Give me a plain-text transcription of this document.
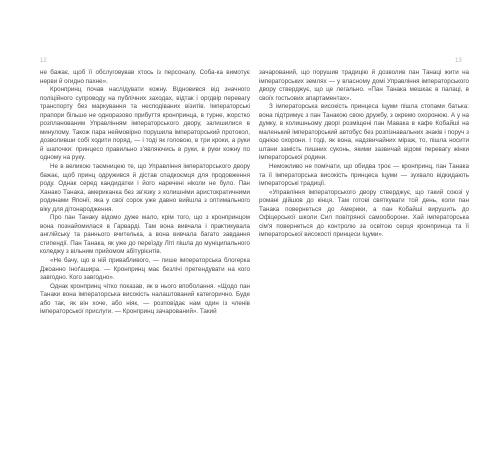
12	13

не бажає, щоб її обслуговував хтось із персоналу. Соба-ка вимотує нерви й огидно пахне».

Кронпринц почав наслідувати кожну. Відновився від значного поліційного супроводу на публічних заходах, відтак і оргдвір перевагу транспорту без маркування та несподіваних візитів. Імператорські прапори більше не одноразово прибуття кронпринца, в турне, жорстко розпланованим Управлінням імператорського двору, залишилися в минулому. Також пара неймовірно порушила імператорський протокол, дозволивши собі ходити поряд, — і тоді як головою, в три кроки, а руки й шапочки: принцесо правильно з'являючись в руки, в руки кожну по одному на руку.

Не в великою таємницею те, що Управління імператорського двору бажає, щоб принц одружився й дістав спадкоємця для продовження роду. Однак серед кандидатки і його наречені ніколи не було. Пан Ханако Танака, американка без зв'язку з колишніми аристократичними родинами Японії, яка у свої сорок уже давно вийшла з оптимального віку для дітонародження.

Про пан Танаку відомо дуже мало, крім того, що з кронпринцом вона познайомилася в Гарварді. Там вона вивчала і практикувала англійську та раннього вчителька, а вона вивчала багато завдання стипендії. Пан Танака, як уже до переїзду Літі пішла до муніципального коледжу з вільним прийомом абітурієнтів.

«Не бачу, що в ній привабливого, — пише імператорська блогерка Джоанно Іноґашира. — Кронпринц має безлічі претендувати на кого завгодно. Кого завгодно».

Однак кронпринц чітко показав, як в нього впоболання. «Щодо пан Танаки вона імператорська високість налаштований категорично. Буде або так, як він хоче, або ніяк, — розповідає нам один із членів імператорської прислуги. — Кронпринц зачарований». Такий

зачарований, що порушив традицію й дозволив пан Танаці жити на імператорських землях — у власному домі Управління імператорського двору стверджує, що це легально. «Пан Танака мешкає в палаці, в своїх гостьових апартаментах».

З імператорська високість принцеса Іцуми пішла стопами батька: вона підтримує з пан Танакою свою дружбу, з окремо охоронюю. А у на думку, в колишньому дворі розміщені пан Мавака в кафе Кобайші на маленький імператорський автобус без розпізнавальних знаків і поруч з однією охорони. І тоді, як вона, надзвичайних міраж, то, пішла носити штани замість пишних суконь, якими зазвичай відомі перевагу жінки імператорської родини.

Неможливо не помічати, що обидва троє — кронпринц, пан Танака та її імператорська високість принцеса Іцуми — зухвало відкидають імператорські традиції.

«Управління імператорського двору стверджує, що такий союзі у романі дійшов до кінця. Там готові святкувати той день, коли пан Танака повернеться до Америки, а пан Кобайші вирушить до Офіцерської школи Сил повітряної самооборони. Хай імператорська сім'я повернеться до контролю за освітою серця кронпринца та її імператорської високості принцеси Іцуми».
